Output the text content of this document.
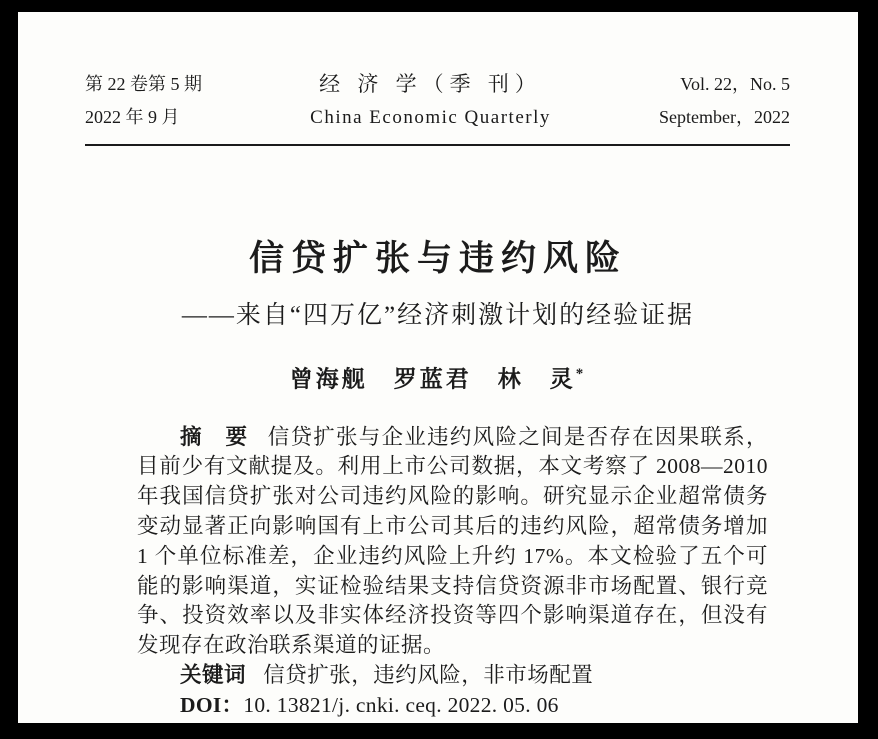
第 22 卷第 5 期
2022 年 9 月
经 济 学（季 刊）
China Economic Quarterly
Vol. 22，No. 5
September，2022
信贷扩张与违约风险
——来自“四万亿”经济刺激计划的经验证据
曾海舰　罗蓝君　林　灵*

摘　要 信贷扩张与企业违约风险之间是否存在因果联系，目前少有文献提及。利用上市公司数据，本文考察了 2008—2010 年我国信贷扩张对公司违约风险的影响。研究显示企业超常债务变动显著正向影响国有上市公司其后的违约风险，超常债务增加 1 个单位标准差，企业违约风险上升约 17%。本文检验了五个可能的影响渠道，实证检验结果支持信贷资源非市场配置、银行竞争、投资效率以及非实体经济投资等四个影响渠道存在，但没有发现存在政治联系渠道的证据。

关键词 信贷扩张，违约风险，非市场配置

DOI：10. 13821/j. cnki. ceq. 2022. 05. 06
